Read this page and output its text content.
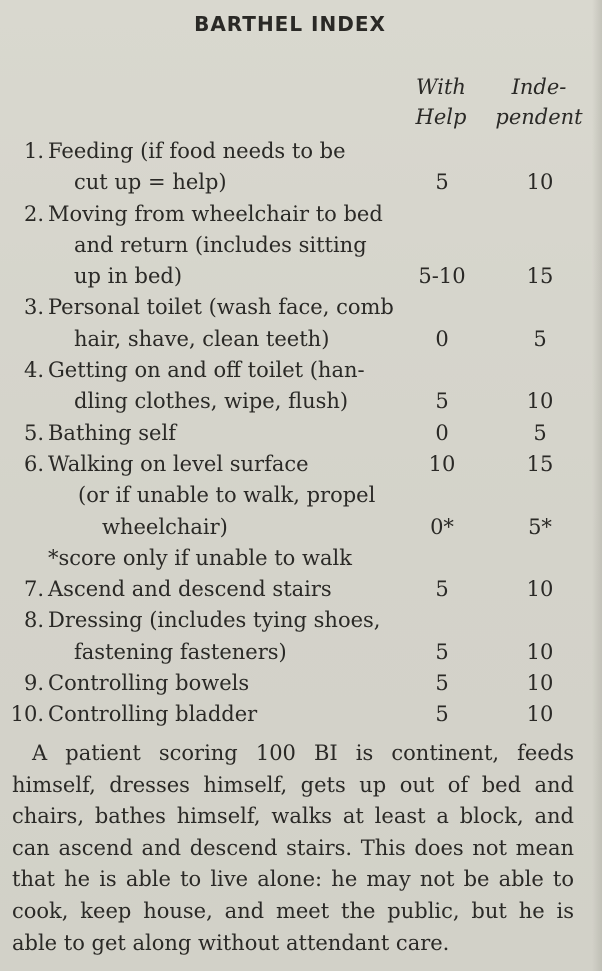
BARTHEL INDEX
With
Help
Inde-
pendent
1. Feeding (if food needs to be
cut up = help)	5	10
2. Moving from wheelchair to bed
and return (includes sitting
up in bed)	5-10	15
3. Personal toilet (wash face, comb
hair, shave, clean teeth)	0	5
4. Getting on and off toilet (han-
dling clothes, wipe, flush)	5	10
5. Bathing self	0	5
6. Walking on level surface	10	15
(or if unable to walk, propel
wheelchair)	0*	5*
*score only if unable to walk
7. Ascend and descend stairs	5	10
8. Dressing (includes tying shoes,
fastening fasteners)	5	10
9. Controlling bowels	5	10
10. Controlling bladder	5	10
A patient scoring 100 BI is continent, feeds himself, dresses himself, gets up out of bed and chairs, bathes himself, walks at least a block, and can ascend and descend stairs. This does not mean that he is able to live alone: he may not be able to cook, keep house, and meet the public, but he is able to get along without attendant care.
